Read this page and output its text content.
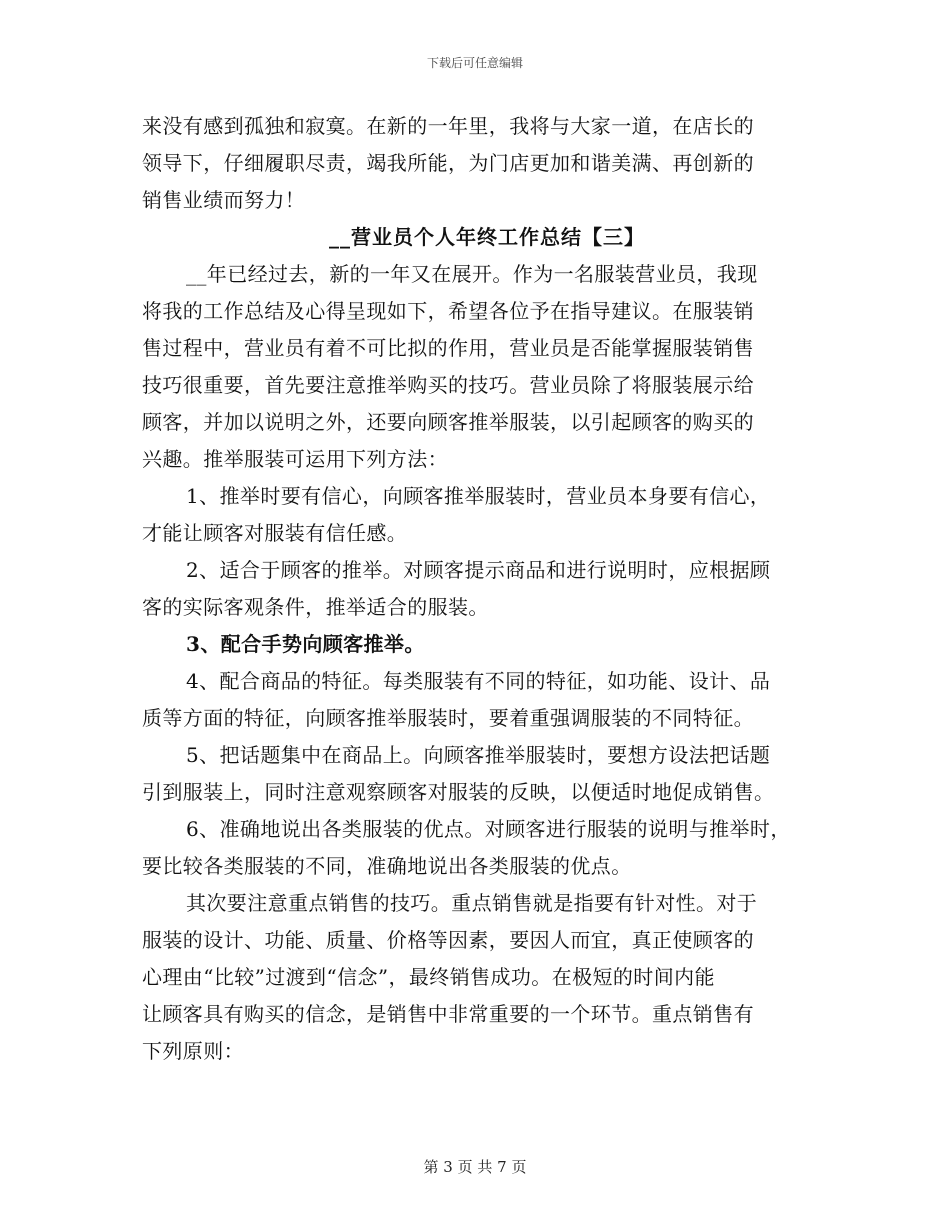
下载后可任意编辑
来没有感到孤独和寂寞。在新的一年里，我将与大家一道，在店长的
领导下，仔细履职尽责，竭我所能，为门店更加和谐美满、再创新的
销售业绩而努力！
__营业员个人年终工作总结【三】
__年已经过去，新的一年又在展开。作为一名服装营业员，我现
将我的工作总结及心得呈现如下，希望各位予在指导建议。在服装销
售过程中，营业员有着不可比拟的作用，营业员是否能掌握服装销售
技巧很重要，首先要注意推举购买的技巧。营业员除了将服装展示给
顾客，并加以说明之外，还要向顾客推举服装，以引起顾客的购买的
兴趣。推举服装可运用下列方法：
1、推举时要有信心，向顾客推举服装时，营业员本身要有信心，
才能让顾客对服装有信任感。
2、适合于顾客的推举。对顾客提示商品和进行说明时，应根据顾
客的实际客观条件，推举适合的服装。
3、配合手势向顾客推举。
4、配合商品的特征。每类服装有不同的特征，如功能、设计、品
质等方面的特征，向顾客推举服装时，要着重强调服装的不同特征。
5、把话题集中在商品上。向顾客推举服装时，要想方设法把话题
引到服装上，同时注意观察顾客对服装的反映，以便适时地促成销售。
6、准确地说出各类服装的优点。对顾客进行服装的说明与推举时，
要比较各类服装的不同，准确地说出各类服装的优点。
其次要注意重点销售的技巧。重点销售就是指要有针对性。对于
服装的设计、功能、质量、价格等因素，要因人而宜，真正使顾客的
心理由“比较”过渡到“信念”，最终销售成功。在极短的时间内能
让顾客具有购买的信念，是销售中非常重要的一个环节。重点销售有
下列原则：
第 3 页 共 7 页
